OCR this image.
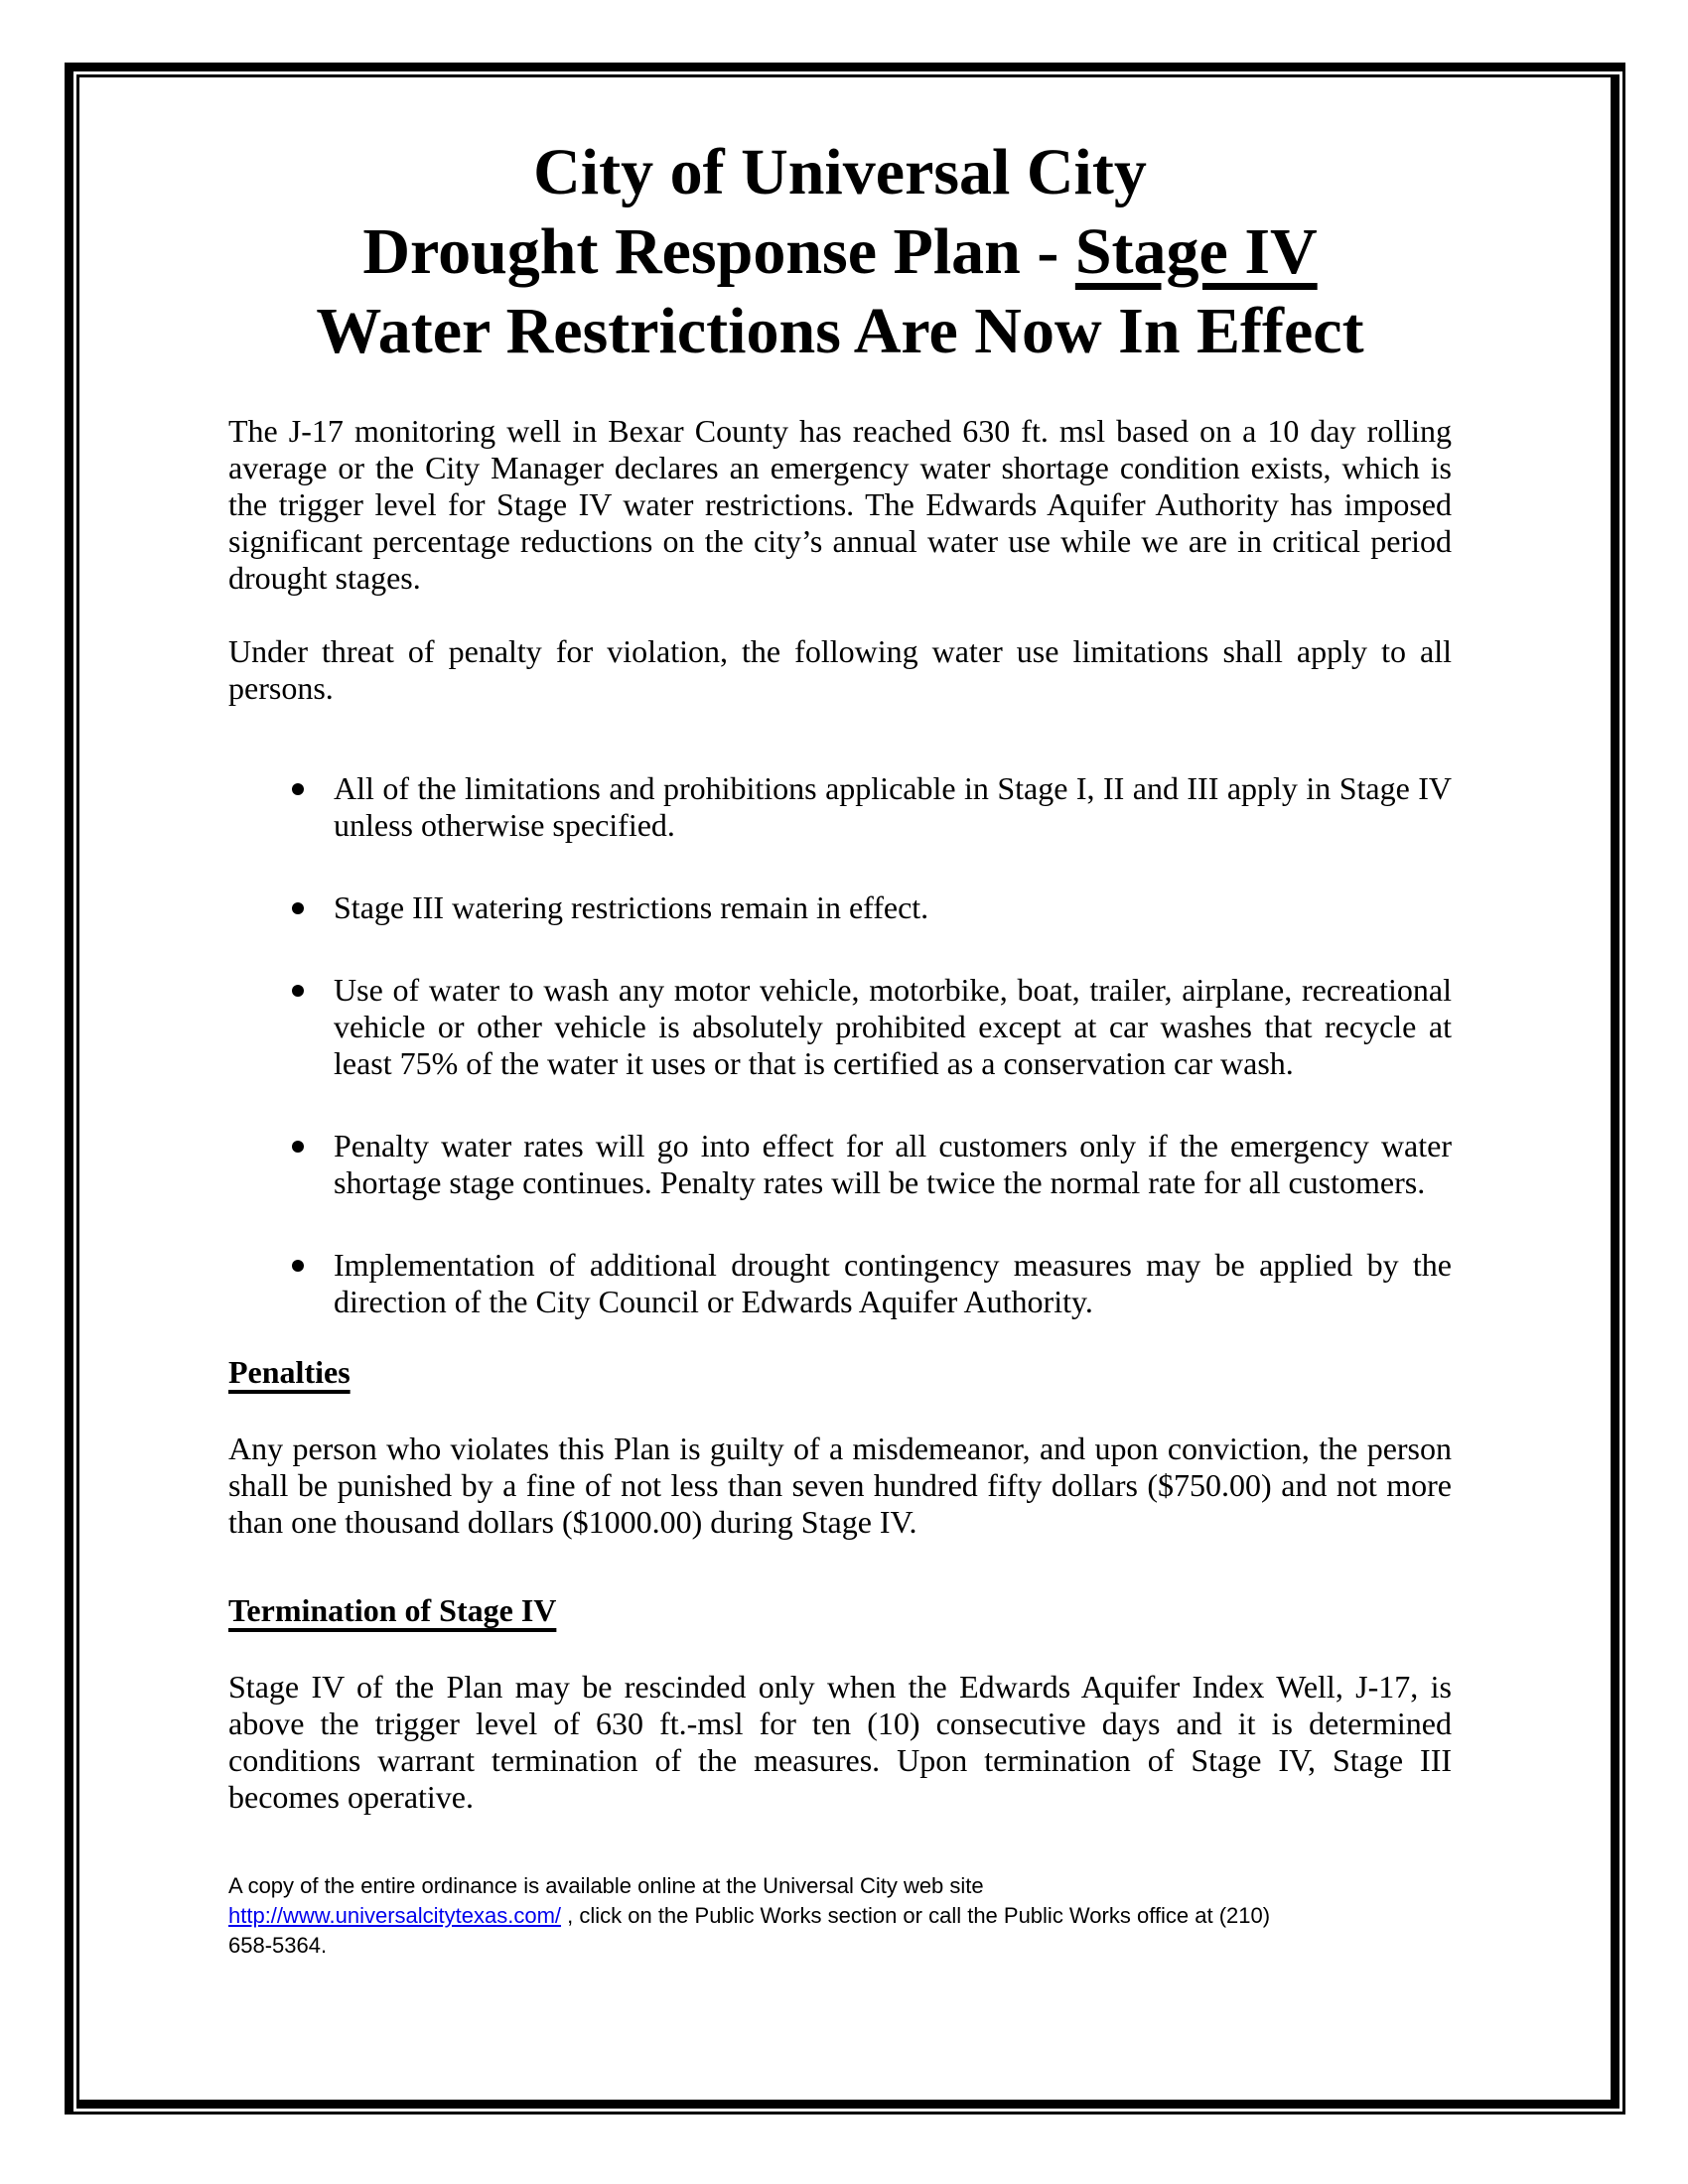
City of Universal City
Drought Response Plan - Stage IV
Water Restrictions Are Now In Effect

The J-17 monitoring well in Bexar County has reached 630 ft. msl based on a 10 day rolling average or the City Manager declares an emergency water shortage condition exists, which is the trigger level for Stage IV water restrictions. The Edwards Aquifer Authority has imposed significant percentage reductions on the city’s annual water use while we are in critical period drought stages.

Under threat of penalty for violation, the following water use limitations shall apply to all persons.

All of the limitations and prohibitions applicable in Stage I, II and III apply in Stage IV unless otherwise specified.
Stage III watering restrictions remain in effect.
Use of water to wash any motor vehicle, motorbike, boat, trailer, airplane, recreational vehicle or other vehicle is absolutely prohibited except at car washes that recycle at least 75% of the water it uses or that is certified as a conservation car wash.
Penalty water rates will go into effect for all customers only if the emergency water shortage stage continues. Penalty rates will be twice the normal rate for all customers.
Implementation of additional drought contingency measures may be applied by the direction of the City Council or Edwards Aquifer Authority.
Penalties

Any person who violates this Plan is guilty of a misdemeanor, and upon conviction, the person shall be punished by a fine of not less than seven hundred fifty dollars ($750.00) and not more than one thousand dollars ($1000.00) during Stage IV.

Termination of Stage IV

Stage IV of the Plan may be rescinded only when the Edwards Aquifer Index Well, J-17, is above the trigger level of 630 ft.-msl for ten (10) consecutive days and it is determined conditions warrant termination of the measures. Upon termination of Stage IV, Stage III becomes operative.

A copy of the entire ordinance is available online at the Universal City web site
http://www.universalcitytexas.com/ , click on the Public Works section or call the Public Works office at (210)
658-5364.
